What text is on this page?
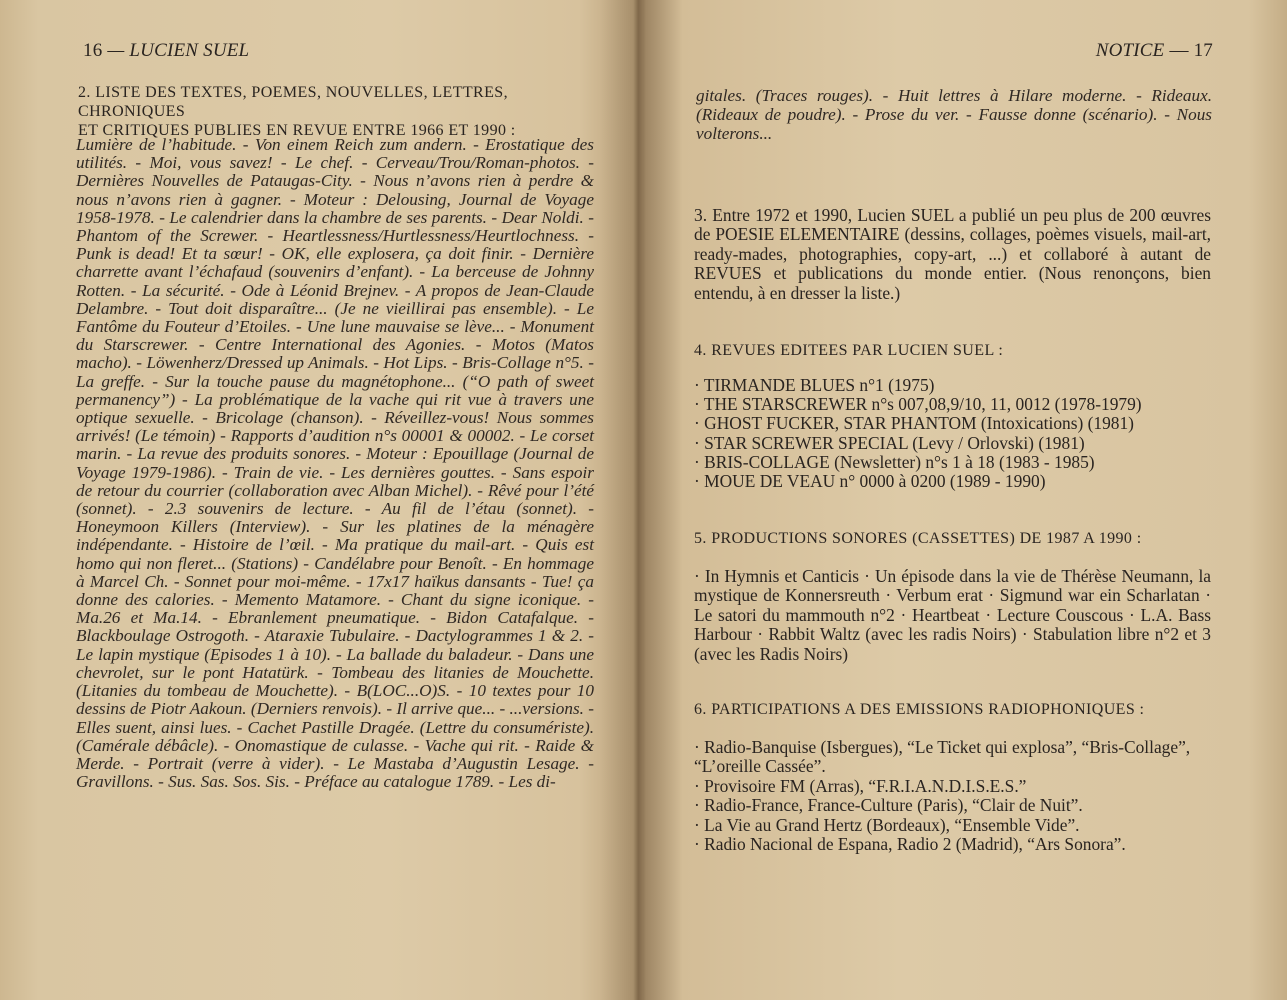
16 — LUCIEN SUEL
2. LISTE DES TEXTES, POEMES, NOUVELLES, LETTRES, CHRONIQUES
ET CRITIQUES PUBLIES EN REVUE ENTRE 1966 ET 1990 :

Lumière de l’habitude. - Von einem Reich zum andern. - Erostatique des utilités. - Moi, vous savez! - Le chef. - Cerveau/Trou/Roman-photos. - Dernières Nouvelles de Pataugas-City. - Nous n’avons rien à perdre & nous n’avons rien à gagner. - Moteur : Delousing, Journal de Voyage 1958-1978. - Le calendrier dans la chambre de ses parents. - Dear Noldi. - Phantom of the Screwer. - Heartlessness/Hurtlessness/Heurtlochness. - Punk is dead! Et ta sœur! - OK, elle explosera, ça doit finir. - Dernière charrette avant l’échafaud (souvenirs d’enfant). - La berceuse de Johnny Rotten. - La sécurité. - Ode à Léonid Brejnev. - A propos de Jean-Claude Delambre. - Tout doit disparaître... (Je ne vieillirai pas ensemble). - Le Fantôme du Fouteur d’Etoiles. - Une lune mauvaise se lève... - Monument du Starscrewer. - Centre International des Agonies. - Motos (Matos macho). - Löwenherz/Dressed up Animals. - Hot Lips. - Bris-Collage n°5. - La greffe. - Sur la touche pause du magnétophone... (“O path of sweet permanency”) - La problématique de la vache qui rit vue à travers une optique sexuelle. - Bricolage (chanson). - Réveillez-vous! Nous sommes arrivés! (Le témoin) - Rapports d’audition n°s 00001 & 00002. - Le corset marin. - La revue des produits sonores. - Moteur : Epouillage (Journal de Voyage 1979-1986). - Train de vie. - Les dernières gouttes. - Sans espoir de retour du courrier (collaboration avec Alban Michel). - Rêvé pour l’été (sonnet). - 2.3 souvenirs de lecture. - Au fil de l’étau (sonnet). - Honeymoon Killers (Interview). - Sur les platines de la ménagère indépendante. - Histoire de l’œil. - Ma pratique du mail-art. - Quis est homo qui non fleret... (Stations) - Candélabre pour Benoît. - En hommage à Marcel Ch. - Sonnet pour moi-même. - 17x17 haïkus dansants - Tue! ça donne des calories. - Memento Matamore. - Chant du signe iconique. - Ma.26 et Ma.14. - Ebranlement pneumatique. - Bidon Catafalque. - Blackboulage Ostrogoth. - Ataraxie Tubulaire. - Dactylogrammes 1 & 2. - Le lapin mystique (Episodes 1 à 10). - La ballade du baladeur. - Dans une chevrolet, sur le pont Hatatürk. - Tombeau des litanies de Mouchette. (Litanies du tombeau de Mouchette). - B(LOC...O)S. - 10 textes pour 10 dessins de Piotr Aakoun. (Derniers renvois). - Il arrive que... - ...versions. - Elles suent, ainsi lues. - Cachet Pastille Dragée. (Lettre du consumériste). (Camérale débâcle). - Onomastique de culasse. - Vache qui rit. - Raide & Merde. - Portrait (verre à vider). - Le Mastaba d’Augustin Lesage. - Gravillons. - Sus. Sas. Sos. Sis. - Préface au catalogue 1789. - Les di-

NOTICE — 17
gitales. (Traces rouges). - Huit lettres à Hilare moderne. - Rideaux. (Rideaux de poudre). - Prose du ver. - Fausse donne (scénario). - Nous volterons...
3. Entre 1972 et 1990, Lucien SUEL a publié un peu plus de 200 œuvres de POESIE ELEMENTAIRE (dessins, collages, poèmes visuels, mail-art, ready-mades, photographies, copy-art, ...) et collaboré à autant de REVUES et publications du monde entier. (Nous renonçons, bien entendu, à en dresser la liste.)
4. REVUES EDITEES PAR LUCIEN SUEL :
· TIRMANDE BLUES n°1 (1975)
· THE STARSCREWER n°s 007,08,9/10, 11, 0012 (1978-1979)
· GHOST FUCKER, STAR PHANTOM (Intoxications) (1981)
· STAR SCREWER SPECIAL (Levy / Orlovski) (1981)
· BRIS-COLLAGE (Newsletter) n°s 1 à 18 (1983 - 1985)
· MOUE DE VEAU n° 0000 à 0200 (1989 - 1990)
5. PRODUCTIONS SONORES (CASSETTES) DE 1987 A 1990 :
· In Hymnis et Canticis · Un épisode dans la vie de Thérèse Neumann, la mystique de Konnersreuth · Verbum erat · Sigmund war ein Scharlatan · Le satori du mammouth n°2 · Heartbeat · Lecture Couscous · L.A. Bass Harbour · Rabbit Waltz (avec les radis Noirs) · Stabulation libre n°2 et 3 (avec les Radis Noirs)
6. PARTICIPATIONS A DES EMISSIONS RADIOPHONIQUES :
· Radio-Banquise (Isbergues), “Le Ticket qui explosa”, “Bris-Collage”, “L’oreille Cassée”.
· Provisoire FM (Arras), “F.R.I.A.N.D.I.S.E.S.”
· Radio-France, France-Culture (Paris), “Clair de Nuit”.
· La Vie au Grand Hertz (Bordeaux), “Ensemble Vide”.
· Radio Nacional de Espana, Radio 2 (Madrid), “Ars Sonora”.
